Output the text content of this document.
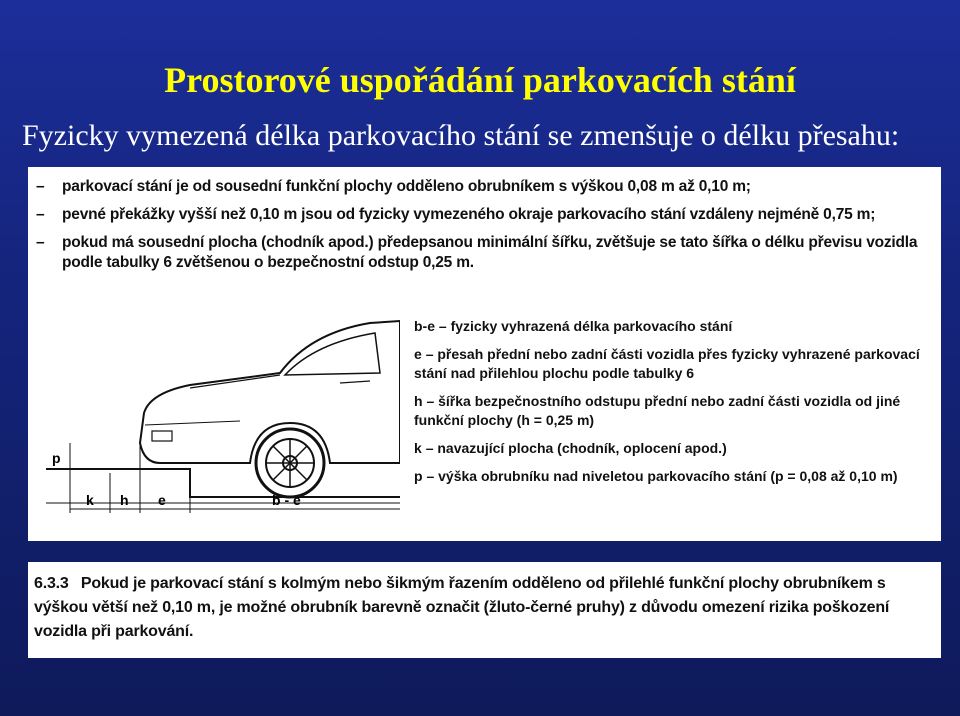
Prostorové uspořádání parkovacích stání
Fyzicky vymezená délka parkovacího stání se zmenšuje o délku přesahu:
–	parkovací stání je od sousední funkční plochy odděleno obrubníkem s výškou 0,08 m až 0,10 m;
–	pevné překážky vyšší než 0,10 m jsou od fyzicky vymezeného okraje parkovacího stání vzdáleny nejméně 0,75 m;
–	pokud má sousední plocha (chodník apod.) předepsanou minimální šířku, zvětšuje se tato šířka o délku převisu vozidla podle tabulky 6 zvětšenou o bezpečnostní odstup 0,25 m.
p
k h e	b - e
b-e – fyzicky vyhrazená délka parkovacího stání
e – přesah přední nebo zadní části vozidla přes fyzicky vyhrazené parkovací stání nad přilehlou plochu podle tabulky 6
h – šířka bezpečnostního odstupu přední nebo zadní části vozidla od jiné funkční plochy (h = 0,25 m)
k – navazující plocha (chodník, oplocení apod.)
p – výška obrubníku nad niveletou parkovacího stání (p = 0,08 až 0,10 m)
6.3.3 Pokud je parkovací stání s kolmým nebo šikmým řazením odděleno od přilehlé funkční plochy obrubníkem s výškou větší než 0,10 m, je možné obrubník barevně označit (žluto-černé pruhy) z důvodu omezení rizika poškození vozidla při parkování.
